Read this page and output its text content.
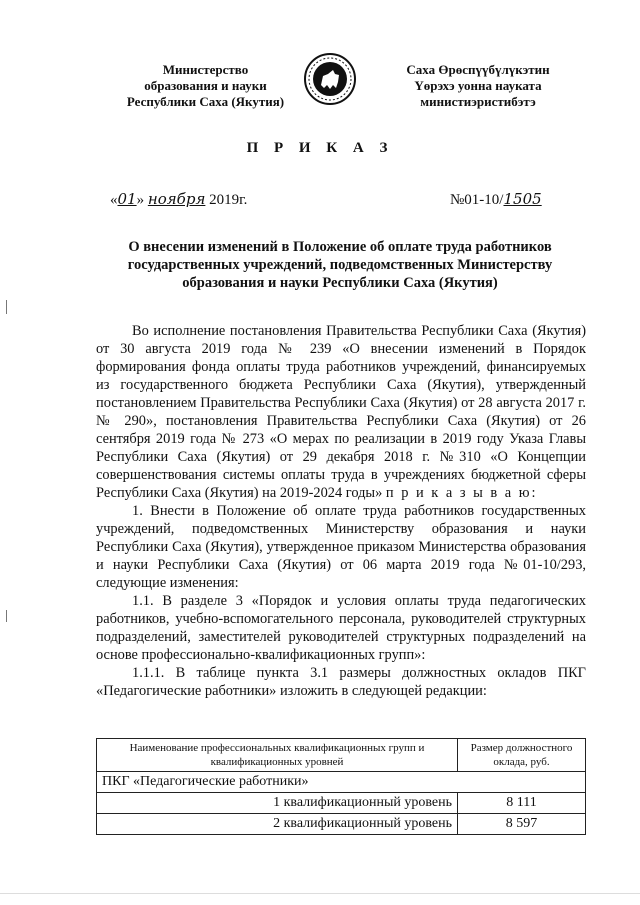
Министерство
образования и науки
Республики Саха (Якутия)
Саха Өрөспүүбүлүкэтин
Үөрэхэ уонна науката
министиэристибэтэ
П Р И К А З
«01» ноября 2019г.	№01-10/1505
О внесении изменений в Положение об оплате труда работников государственных учреждений, подведомственных Министерству образования и науки Республики Саха (Якутия)

Во исполнение постановления Правительства Республики Саха (Якутия) от 30 августа 2019 года № 239 «О внесении изменений в Порядок формирования фонда оплаты труда работников учреждений, финансируемых из государственного бюджета Республики Саха (Якутия), утвержденный постановлением Правительства Республики Саха (Якутия) от 28 августа 2017 г. № 290», постановления Правительства Республики Саха (Якутия) от 26 сентября 2019 года № 273 «О мерах по реализации в 2019 году Указа Главы Республики Саха (Якутия) от 29 декабря 2018 г. №310 «О Концепции совершенствования системы оплаты труда в учреждениях бюджетной сферы Республики Саха (Якутия) на 2019-2024 годы» п р и к а з ы в а ю:

1. Внести в Положение об оплате труда работников государственных учреждений, подведомственных Министерству образования и науки Республики Саха (Якутия), утвержденное приказом Министерства образования и науки Республики Саха (Якутия) от 06 марта 2019 года №01-10/293, следующие изменения:

1.1. В разделе 3 «Порядок и условия оплаты труда педагогических работников, учебно-вспомогательного персонала, руководителей структурных подразделений, заместителей руководителей структурных подразделений на основе профессионально-квалификационных групп»:

1.1.1. В таблице пункта 3.1 размеры должностных окладов ПКГ «Педагогические работники» изложить в следующей редакции:

Наименование профессиональных квалификационных групп и квалификационных уровней	Размер должностного оклада, руб.
ПКГ «Педагогические работники»	
1 квалификационный уровень	8 111
2 квалификационный уровень	8 597
